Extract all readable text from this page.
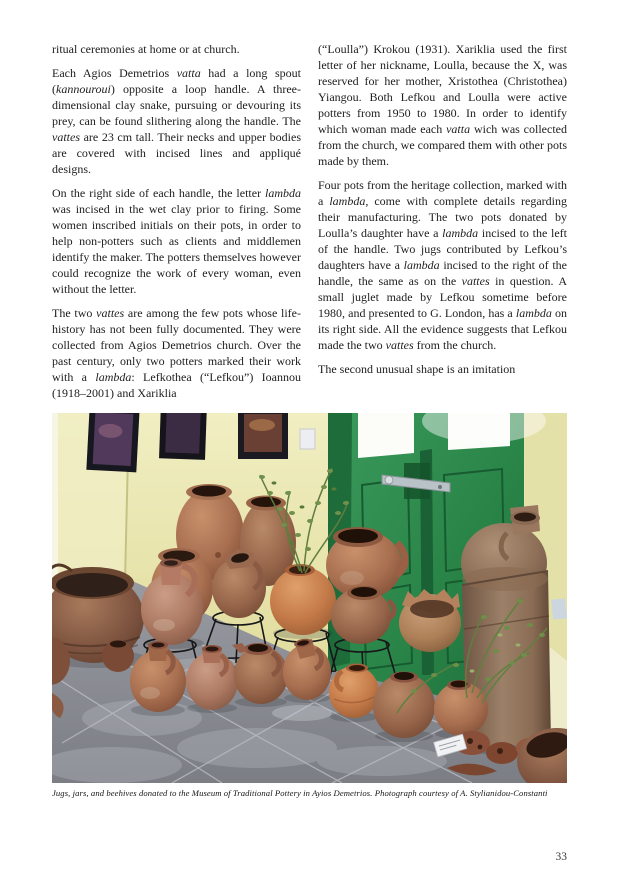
ritual ceremonies at home or at church.

Each Agios Demetrios vatta had a long spout (kannouroui) opposite a loop handle. A three-dimensional clay snake, pursuing or devouring its prey, can be found slithering along the handle. The vattes are 23 cm tall. Their necks and upper bodies are covered with incised lines and appliqué designs.

On the right side of each handle, the letter lambda was incised in the wet clay prior to firing. Some women inscribed initials on their pots, in order to help non-potters such as clients and middlemen identify the maker. The potters themselves however could recognize the work of every woman, even without the letter.

The two vattes are among the few pots whose life-history has not been fully documented. They were collected from Agios Demetrios church. Over the past century, only two potters marked their work with a lambda: Lefkothea (“Lefkou”) Ioannou (1918–2001) and Xariklia

(“Loulla”) Krokou (1931). Xariklia used the first letter of her nickname, Loulla, because the X, was reserved for her mother, Xristothea (Christothea) Yiangou. Both Lefkou and Loulla were active potters from 1950 to 1980. In order to identify which woman made each vatta wich was collected from the church, we compared them with other pots made by them.

Four pots from the heritage collection, marked with a lambda, come with complete details regarding their manufacturing. The two pots donated by Loulla’s daughter have a lambda incised to the left of the handle. Two jugs contributed by Lefkou’s daughters have a lambda incised to the right of the handle, the same as on the vattes in question. A small juglet made by Lefkou sometime before 1980, and presented to G. London, has a lambda on its right side. All the evidence suggests that Lefkou made the two vattes from the church.

The second unusual shape is an imitation

Jugs, jars, and beehives donated to the Museum of Traditional Pottery in Ayios Demetrios. Photograph courtesy of A. Stylianidou-Constanti
33
